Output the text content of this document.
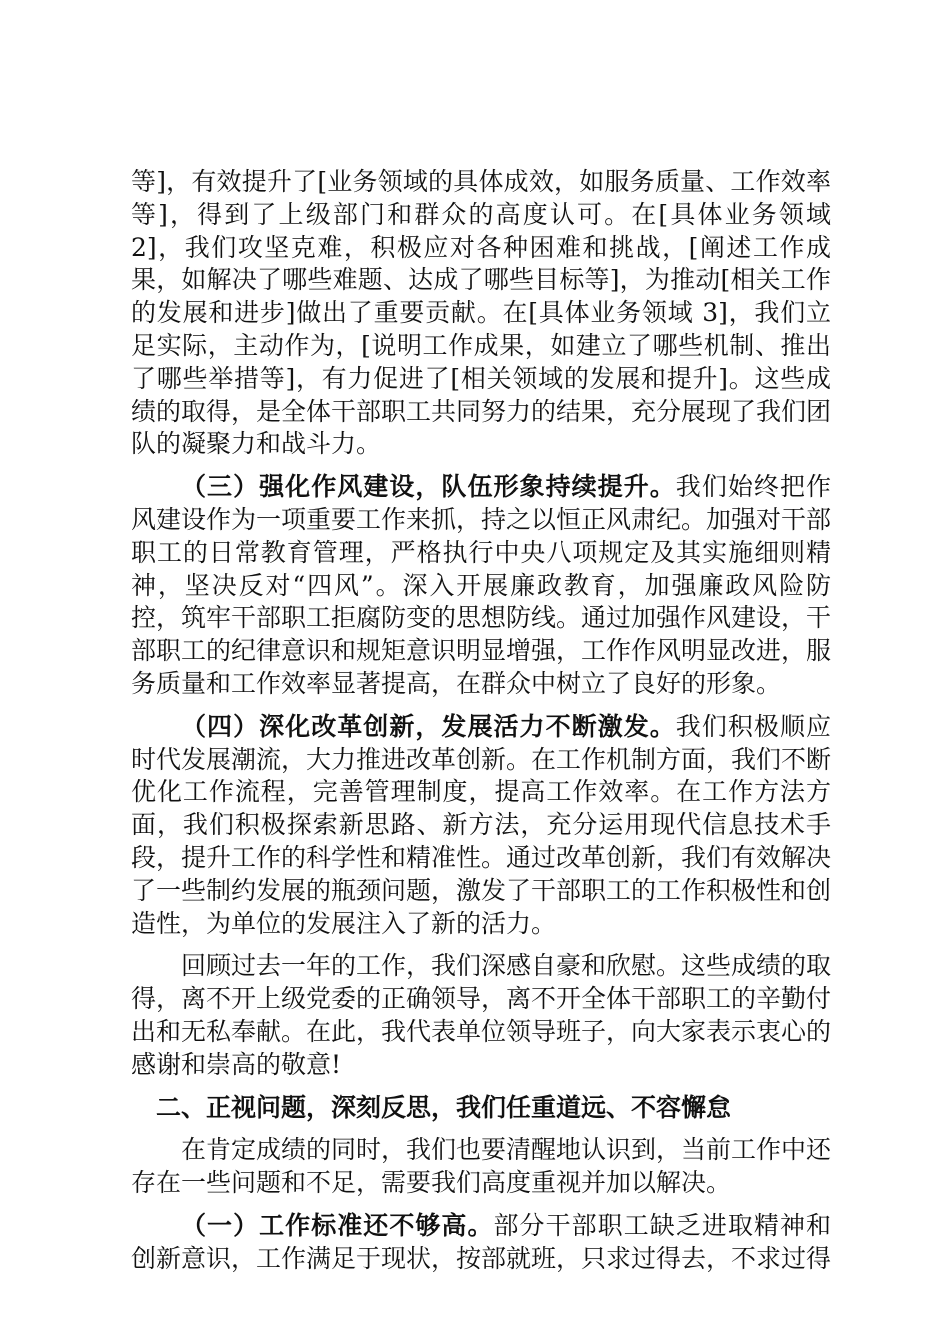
等]，有效提升了[业务领域的具体成效，如服务质量、工作效率等]，得到了上级部门和群众的高度认可。在[具体业务领域 2]，我们攻坚克难，积极应对各种困难和挑战，[阐述工作成果，如解决了哪些难题、达成了哪些目标等]，为推动[相关工作的发展和进步]做出了重要贡献。在[具体业务领域 3]，我们立足实际，主动作为，[说明工作成果，如建立了哪些机制、推出了哪些举措等]，有力促进了[相关领域的发展和提升]。这些成绩的取得，是全体干部职工共同努力的结果，充分展现了我们团队的凝聚力和战斗力。

（三）强化作风建设，队伍形象持续提升。我们始终把作风建设作为一项重要工作来抓，持之以恒正风肃纪。加强对干部职工的日常教育管理，严格执行中央八项规定及其实施细则精神，坚决反对“四风”。深入开展廉政教育，加强廉政风险防控，筑牢干部职工拒腐防变的思想防线。通过加强作风建设，干部职工的纪律意识和规矩意识明显增强，工作作风明显改进，服务质量和工作效率显著提高，在群众中树立了良好的形象。

（四）深化改革创新，发展活力不断激发。我们积极顺应时代发展潮流，大力推进改革创新。在工作机制方面，我们不断优化工作流程，完善管理制度，提高工作效率。在工作方法方面，我们积极探索新思路、新方法，充分运用现代信息技术手段，提升工作的科学性和精准性。通过改革创新，我们有效解决了一些制约发展的瓶颈问题，激发了干部职工的工作积极性和创造性，为单位的发展注入了新的活力。

回顾过去一年的工作，我们深感自豪和欣慰。这些成绩的取得，离不开上级党委的正确领导，离不开全体干部职工的辛勤付出和无私奉献。在此，我代表单位领导班子，向大家表示衷心的感谢和崇高的敬意!

二、正视问题，深刻反思，我们任重道远、不容懈怠

在肯定成绩的同时，我们也要清醒地认识到，当前工作中还存在一些问题和不足，需要我们高度重视并加以解决。

（一）工作标准还不够高。部分干部职工缺乏进取精神和创新意识，工作满足于现状，按部就班，只求过得去，不求过得
